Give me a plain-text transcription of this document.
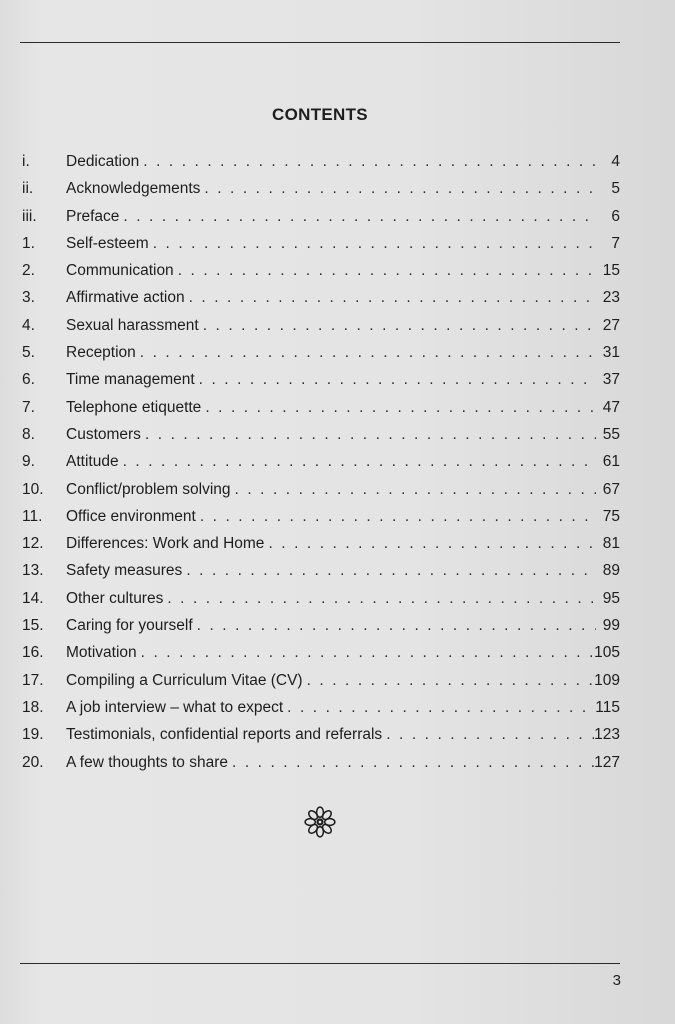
CONTENTS
i.	Dedication . . .	4
ii.	Acknowledgements . . .	5
iii.	Preface . . .	6
1.	Self-esteem . . .	7
2.	Communication . . .	15
3.	Affirmative action . . .	23
4.	Sexual harassment . . .	27
5.	Reception . . .	31
6.	Time management . . .	37
7.	Telephone etiquette . . .	47
8.	Customers . . .	55
9.	Attitude . . .	61
10.	Conflict/problem solving . . .	67
11.	Office environment . . .	75
12.	Differences: Work and Home . . .	81
13.	Safety measures . . .	89
14.	Other cultures . . .	95
15.	Caring for yourself . . .	99
16.	Motivation . . .	105
17.	Compiling a Curriculum Vitae (CV) . . .	109
18.	A job interview – what to expect . . .	115
19.	Testimonials, confidential reports and referrals . . .	123
20.	A few thoughts to share . . .	127
3
